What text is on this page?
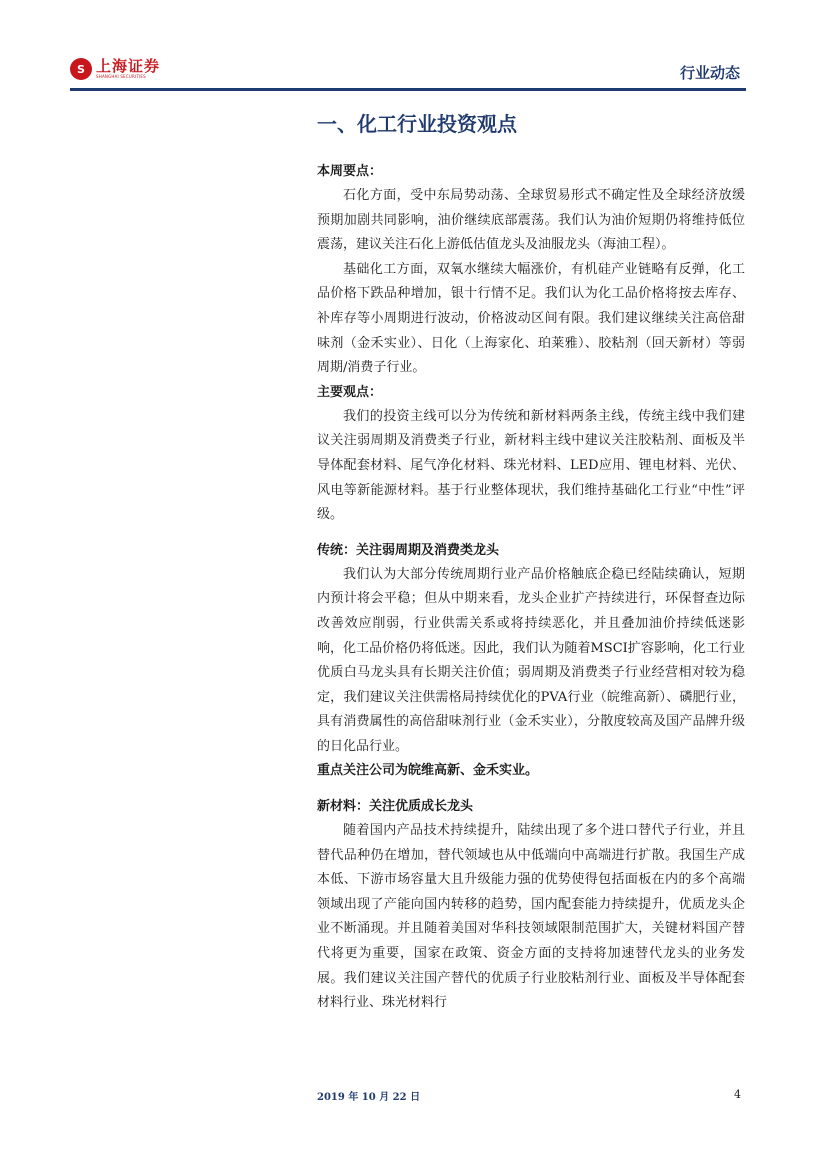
S 上海证券
SHANGHAI SECURITIES	行业动态
一、化工行业投资观点

本周要点：

石化方面，受中东局势动荡、全球贸易形式不确定性及全球经济放缓预期加剧共同影响，油价继续底部震荡。我们认为油价短期仍将维持低位震荡，建议关注石化上游低估值龙头及油服龙头（海油工程）。

基础化工方面，双氧水继续大幅涨价，有机硅产业链略有反弹，化工品价格下跌品种增加，银十行情不足。我们认为化工品价格将按去库存、补库存等小周期进行波动，价格波动区间有限。我们建议继续关注高倍甜味剂（金禾实业）、日化（上海家化、珀莱雅）、胶粘剂（回天新材）等弱周期/消费子行业。

主要观点：

我们的投资主线可以分为传统和新材料两条主线，传统主线中我们建议关注弱周期及消费类子行业，新材料主线中建议关注胶粘剂、面板及半导体配套材料、尾气净化材料、珠光材料、LED应用、锂电材料、光伏、风电等新能源材料。基于行业整体现状，我们维持基础化工行业“中性”评级。

传统：关注弱周期及消费类龙头

我们认为大部分传统周期行业产品价格触底企稳已经陆续确认，短期内预计将会平稳；但从中期来看，龙头企业扩产持续进行，环保督查边际改善效应削弱，行业供需关系或将持续恶化，并且叠加油价持续低迷影响，化工品价格仍将低迷。因此，我们认为随着MSCI扩容影响，化工行业优质白马龙头具有长期关注价值；弱周期及消费类子行业经营相对较为稳定，我们建议关注供需格局持续优化的PVA行业（皖维高新）、磷肥行业，具有消费属性的高倍甜味剂行业（金禾实业），分散度较高及国产品牌升级的日化品行业。

重点关注公司为皖维高新、金禾实业。

新材料：关注优质成长龙头

随着国内产品技术持续提升，陆续出现了多个进口替代子行业，并且替代品种仍在增加，替代领域也从中低端向中高端进行扩散。我国生产成本低、下游市场容量大且升级能力强的优势使得包括面板在内的多个高端领域出现了产能向国内转移的趋势，国内配套能力持续提升，优质龙头企业不断涌现。并且随着美国对华科技领域限制范围扩大，关键材料国产替代将更为重要，国家在政策、资金方面的支持将加速替代龙头的业务发展。我们建议关注国产替代的优质子行业胶粘剂行业、面板及半导体配套材料行业、珠光材料行

2019 年 10 月 22 日	4
